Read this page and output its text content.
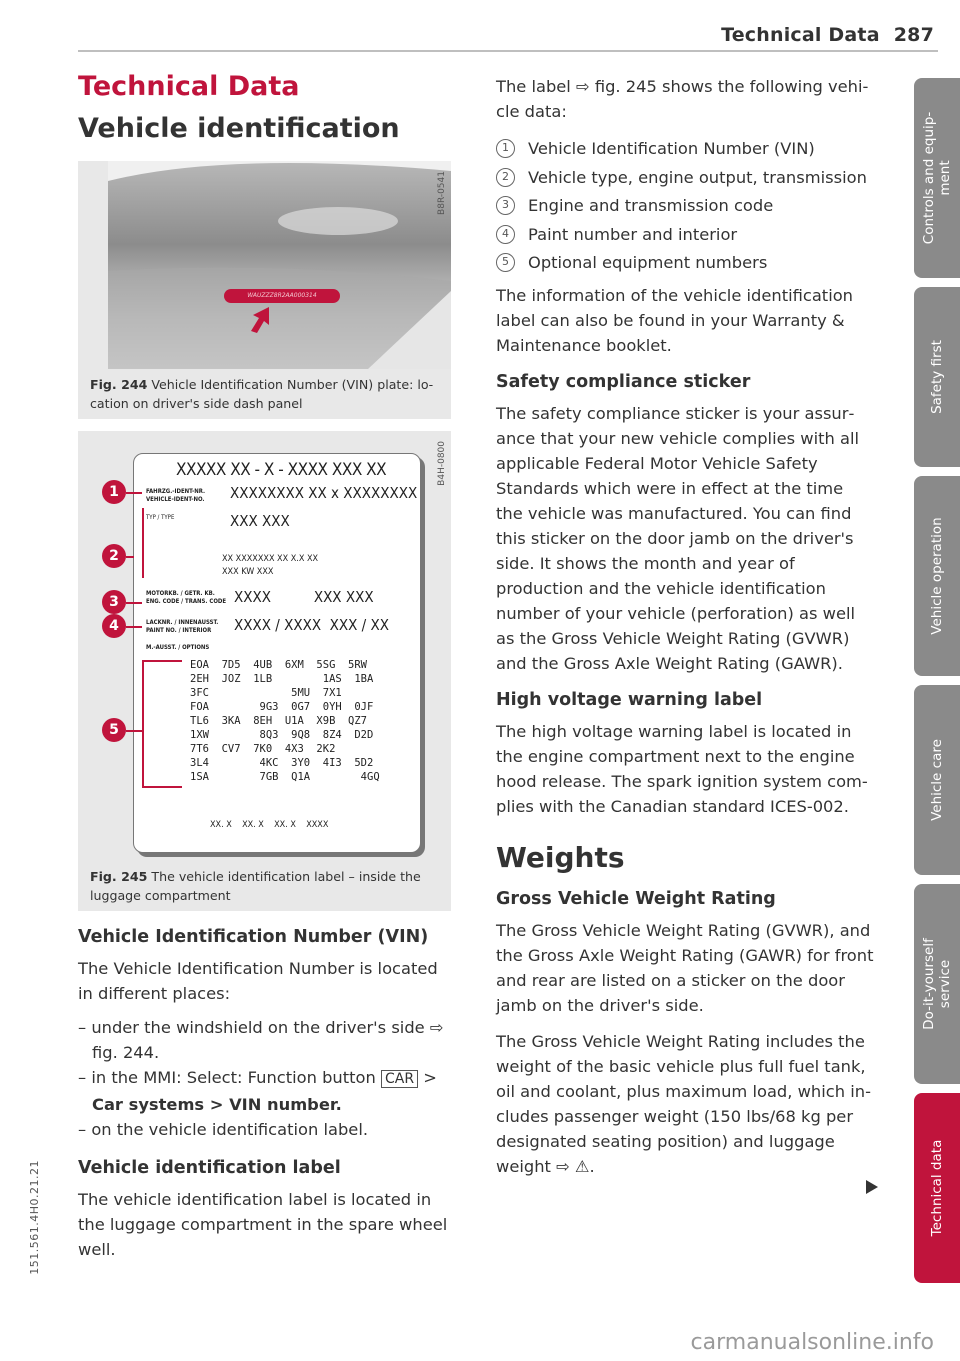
Technical Data 287
Technical Data
Vehicle identification
WAUZZZ8R2AA000314
B8R-0541
Fig. 244 Vehicle Identification Number (VIN) plate: location on driver's side dash panel
B4H-0800
XXXXX XX - X - XXXX XXX XX
FAHRZG.-IDENT-NR.
VEHICLE-IDENT-NO. XXXXXXXX XX x XXXXXXXX
TYP / TYPE	XXX XXX
XX XXXXXXX XX X.X XX
XXX KW XXX
MOTORKB. / GETR. KB.
ENG. CODE / TRANS. CODE XXXX          XXX XXX
LACKNR. / INNENAUSST.
PAINT NO. / INTERIOR	XXXX / XXXX  XXX / XX
M.-AUSST. / OPTIONS
EOA  7D5  4UB  6XM  5SG  5RW
2EH  JOZ  1LB        1AS  1BA
3FC             5MU  7X1
FOA        9G3  0G7  0YH  0JF
TL6  3KA  8EH  U1A  X9B  QZ7
1XW        8Q3  9Q8  8Z4  D2D
7T6  CV7  7K0  4X3  2K2
3L4        4KC  3Y0  4I3  5D2
1SA        7GB  Q1A        4GQ
XX. X    XX. X    XX. X    XXXX
1
2
3
4
5
Fig. 245 The vehicle identification label – inside the luggage compartment
Vehicle Identification Number (VIN)

The Vehicle Identification Number is located in different places:

– under the windshield on the driver's side ⇨ fig. 244.
– in the MMI: Select: Function button CAR >
Car systems > VIN number.
– on the vehicle identification label.
Vehicle identification label

The vehicle identification label is located in the luggage compartment in the spare wheel well.

The label ⇨ fig. 245 shows the following vehicle data:

1	Vehicle Identification Number (VIN)
2	Vehicle type, engine output, transmission
3	Engine and transmission code
4	Paint number and interior
5	Optional equipment numbers

The information of the vehicle identification label can also be found in your Warranty & Maintenance booklet.

Safety compliance sticker

The safety compliance sticker is your assurance that your new vehicle complies with all applicable Federal Motor Vehicle Safety Standards which were in effect at the time the vehicle was manufactured. You can find this sticker on the door jamb on the driver's side. It shows the month and year of production and the vehicle identification number of your vehicle (perforation) as well as the Gross Vehicle Weight Rating (GVWR) and the Gross Axle Weight Rating (GAWR).

High voltage warning label

The high voltage warning label is located in the engine compartment next to the engine hood release. The spark ignition system complies with the Canadian standard ICES-002.

Weights
Gross Vehicle Weight Rating

The Gross Vehicle Weight Rating (GVWR), and the Gross Axle Weight Rating (GAWR) for front and rear are listed on a sticker on the door jamb on the driver's side.

The Gross Vehicle Weight Rating includes the weight of the basic vehicle plus full fuel tank, oil and coolant, plus maximum load, which includes passenger weight (150 lbs/68 kg per designated seating position) and luggage weight ⇨ ⚠.

Controls and equip-
ment
Safety first
Vehicle operation
Vehicle care
Do-it-yourself
service
Technical data
151.561.4H0.21.21
carmanualsonline.info
